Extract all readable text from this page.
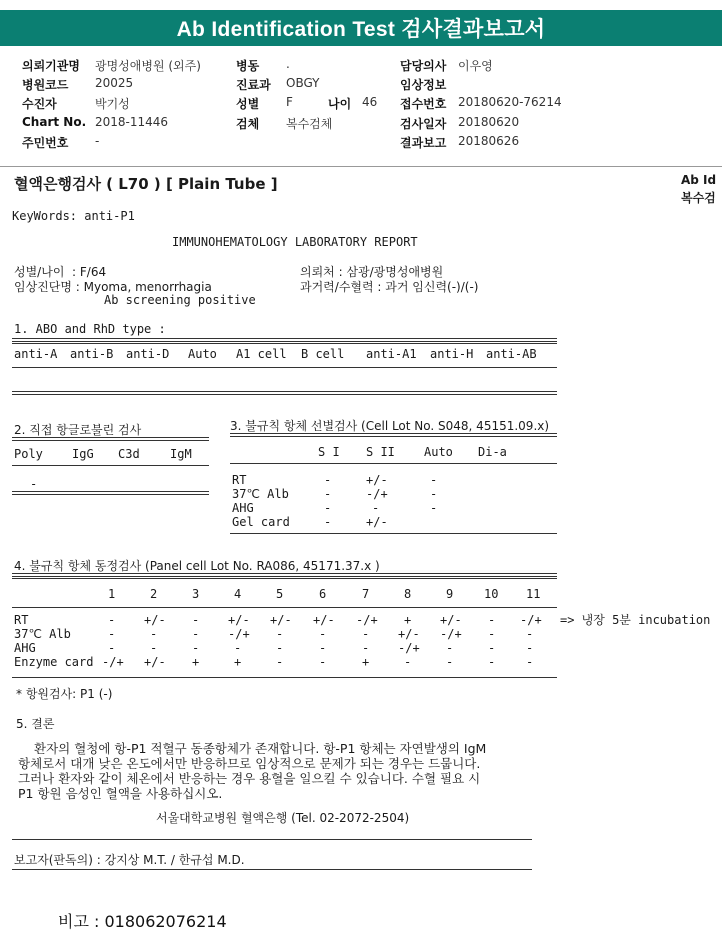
Ab Identification Test 검사결과보고서
의뢰기관명 광명성애병원 (외주)
병원코드 20025
수진자	박기성
Chart No. 2018-11446
주민번호 -
병동 .
진료과 OBGY
성별 F	나이 46
검체 복수검체
담당의사 이우영
임상정보
접수번호 20180620-76214
검사일자 20180620
결과보고 20180626
혈액은행검사 ( L70 ) [ Plain Tube ]	Ab Id
복수검
KeyWords: anti-P1
IMMUNOHEMATOLOGY LABORATORY REPORT
성별/나이  : F/64
임상진단명 : Myoma, menorrhagia
Ab screening positive
의뢰처 : 삼광/광명성애병원
과거력/수혈력 : 과거 임신력(-)/(-)
1. ABO and RhD type :
anti-A anti-B anti-D Auto A1 cell B cell anti-A1 anti-H anti-AB
2. 직접 항글로불린 검사
Poly IgG C3d	IgM
-
3. 불규칙 항체 선별검사 (Cell Lot No. S048, 45151.09.x)
S I S II Auto Di-a
RT	-	+/-	-
37℃ Alb	-	-/+	-
AHG	-	-	-
Gel card	-	+/-
4. 불규칙 항체 동정검사 (Panel cell Lot No. RA086, 45171.37.x )
1	2	3	4	5	6	7	8	9	10 11
=> 냉장 5분 incubation
* 항원검사: P1 (-)
5. 결론
환자의 혈청에 항-P1 적혈구 동종항체가 존재합니다. 항-P1 항체는 자연발생의 IgM
항체로서 대개 낮은 온도에서만 반응하므로 임상적으로 문제가 되는 경우는 드뭅니다.
그러나 환자와 같이 체온에서 반응하는 경우 용혈을 일으킬 수 있습니다. 수혈 필요 시
P1 항원 음성인 혈액을 사용하십시오.
서울대학교병원 혈액은행 (Tel. 02-2072-2504)
보고자(판독의) : 강지상 M.T. / 한규섭 M.D.
RT	- +/- - +/- +/- +/- -/+ + +/- - -/+
37℃ Alb	-	-	- -/+ -	-	- +/- -/+ -	-
AHG	-	-	-	-	-	-	- -/+ -	-	-
Enzyme card -/+ +/- +	+	-	-	+	-	-	-	-
비고 : 018062076214
